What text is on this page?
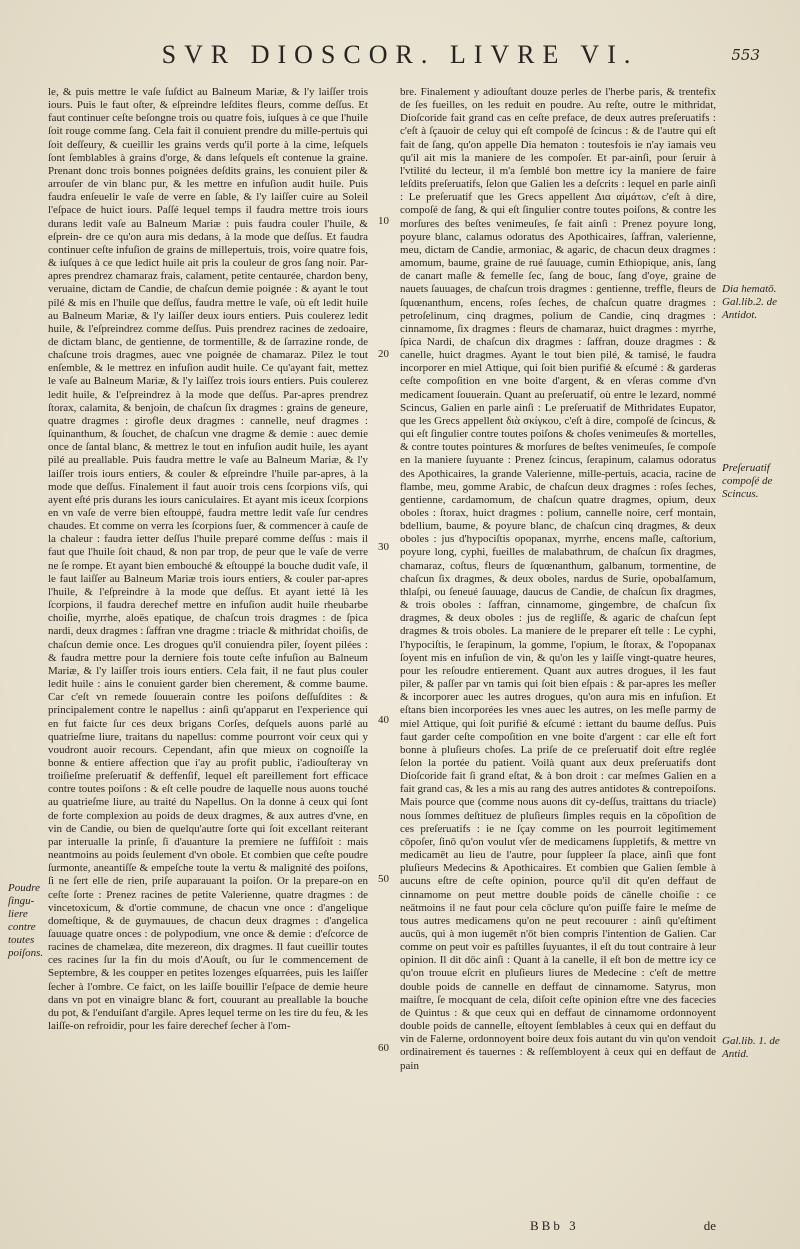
SVR DIOSCOR. LIVRE VI.	553

le, & puis mettre le vaſe ſuſdict au Balneum Mariæ, & l'y laiſſer trois iours. Puis le faut oſter, & eſpreindre leſdites fleurs, comme deſſus. Et faut continuer ceſte beſongne trois ou quatre fois, iuſques à ce que l'huile ſoit rouge comme ſang. Cela fait il conuient prendre du mille-pertuis qui ſoit deſſeury, & cueillir les grains verds qu'il porte à la cime, leſquels ſont ſemblables à grains d'orge, & dans leſquels eſt contenue la graine. Prenant donc trois bonnes poignées deſdits grains, les conuient piler & arrouſer de vin blanc pur, & les mettre en infuſion audit huile. Puis faudra enſeuelir le vaſe de verre en ſable, & l'y laiſſer cuire au Soleil l'eſpace de huict iours. Paſſé lequel temps il faudra mettre trois iours durans ledit vaſe au Balneum Mariæ : puis faudra couler l'huile, & eſprein- dre ce qu'on aura mis dedans, à la mode que deſſus. Et faudra continuer ceſte infuſion de grains de millepertuis, trois, voire quatre fois, & iuſques à ce que ledict huile ait pris la couleur de gros ſang noir. Par-apres prendrez chamaraz frais, calament, petite centaurée, chardon beny, veruaine, dictam de Candie, de chaſcun demie poignée : & ayant le tout pilé & mis en l'huile que deſſus, faudra mettre le vaſe, où eſt ledit huile au Balneum Mariæ, & l'y laiſſer deux iours entiers. Puis coulerez ledit huile, & l'eſpreindrez comme deſſus. Puis prendrez racines de zedoaire, de dictam blanc, de gentienne, de tormentille, & de ſarrazine ronde, de chaſcune trois dragmes, auec vne poignée de chamaraz. Pilez le tout enſemble, & le mettrez en infuſion audit huile. Ce qu'ayant fait, mettez le vaſe au Balneum Mariæ, & l'y laiſſez trois iours entiers. Puis coulerez ledit huile, & l'eſpreindrez à la mode que deſſus. Par-apres prendrez ſtorax, calamita, & benjoin, de chaſcun ſix dragmes : grains de geneure, quatre dragmes : girofle deux dragmes : cannelle, neuf dragmes : ſquinanthum, & ſouchet, de chaſcun vne dragme & demie : auec demie once de ſantal blanc, & mettrez le tout en infuſion audit huile, les ayant pilé au preallable. Puis faudra mettre le vaſe au Balneum Mariæ, & l'y laiſſer trois iours entiers, & couler & eſpreindre l'huile par-apres, à la mode que deſſus. Finalement il faut auoir trois cens ſcorpions viſs, qui ayent eſté pris durans les iours caniculaires. Et ayant mis iceux ſcorpions en vn vaſe de verre bien eſtouppé, faudra mettre ledit vaſe ſur cendres chaudes. Et comme on verra les ſcorpions ſuer, & commencer à cauſe de la chaleur : faudra ietter deſſus l'huile preparé comme deſſus : mais il faut que l'huile ſoit chaud, & non par trop, de peur que le vaſe de verre ne ſe rompe. Et ayant bien embouché & eſtouppé la bouche dudit vaſe, il le faut laiſſer au Balneum Mariæ trois iours entiers, & couler par-apres l'huile, & l'eſpreindre à la mode que deſſus. Et ayant ietté là les ſcorpions, il faudra derechef mettre en infuſion audit huile rheubarbe choiſie, myrrhe, aloës epatique, de chaſcun trois dragmes : de ſpica nardi, deux dragmes : ſaffran vne dragme : triacle & mithridat choiſis, de chaſcun demie once. Les drogues qu'il conuiendra piler, ſoyent pilées : & faudra mettre pour la derniere fois toute ceſte infuſion au Balneum Mariæ, & l'y laiſſer trois iours entiers. Cela fait, il ne faut plus couler ledit huile : ains le conuient garder bien cherement, & comme baume. Car c'eſt vn remede ſouuerain contre les poiſons deſſuſdites : & principalement contre le napellus : ainſi qu'apparut en l'experience qui en fut faicte ſur ces deux brigans Corſes, deſquels auons parlé au quatrieſme liure, traitans du napellus: comme pourront voir ceux qui y voudront auoir recours. Cependant, afin que mieux on cognoiſſe la bonne & entiere affection que i'ay au profit public, i'adiouſteray vn troiſieſme preſeruatif & deffenſif, lequel eſt pareillement fort efficace contre toutes poiſons : & eſt celle poudre de laquelle nous auons touché au quatrieſme liure, au traité du Napellus. On la donne à ceux qui ſont de forte complexion au poids de deux dragmes, & aux autres d'vne, en vin de Candie, ou bien de quelqu'autre ſorte qui ſoit excellant reiterant par interualle la prinſe, ſi d'auanture la premiere ne ſuffiſoit : mais neantmoins au poids ſeulement d'vn obole. Et combien que ceſte poudre ſurmonte, aneantiſſe & empeſche toute la vertu & malignité des poiſons, ſi ne ſert elle de rien, priſe auparauant la poiſon. Or la prepare-on en ceſte ſorte : Prenez racines de petite Valerienne, quatre dragmes : de vincetoxicum, & d'ortie commune, de chacun vne once : d'angelique domeſtique, & de guymauues, de chacun deux dragmes : d'angelica ſauuage quatre onces : de polypodium, vne once & demie : d'eſcorce de racines de chamelæa, dite mezereon, dix dragmes. Il faut cueillir toutes ces racines ſur la fin du mois d'Aouſt, ou ſur le commencement de Septembre, & les coupper en petites lozenges eſquarrées, puis les laiſſer ſecher à l'ombre. Ce faict, on les laiſſe bouillir l'eſpace de demie heure dans vn pot en vinaigre blanc & fort, couurant au preallable la bouche du pot, & l'enduiſant d'argile. Apres lequel terme on les tire du feu, & les laiſſe-on refroidir, pour les faire derechef ſecher à l'om-

bre. Finalement y adiouſtant douze perles de l'herbe paris, & trentefix de ſes fueilles, on les reduit en poudre. Au reſte, outre le mithridat, Dioſcoride fait grand cas en ceſte preface, de deux autres preſeruatifs : c'eſt à ſçauoir de celuy qui eſt compoſé de ſcincus : & de l'autre qui eſt fait de ſang, qu'on appelle Dia hematon : toutesfois ie n'ay iamais veu qu'il ait mis la maniere de les compoſer. Et par-ainſi, pour ſeruir à l'vtilité du lecteur, il m'a ſemblé bon mettre icy la maniere de faire leſdits preſeruatifs, ſelon que Galien les a deſcrits : lequel en parle ainſi : Le preſeruatif que les Grecs appellent Δια αἱμάτων, c'eſt à dire, compoſé de ſang, & qui eſt ſingulier contre toutes poiſons, & contre les morſures des beſtes venimeuſes, ſe fait ainſi : Prenez poyure long, poyure blanc, calamus odoratus des Apothicaires, ſaffran, valerienne, meu, dictam de Candie, armoniac, & agaric, de chacun deux dragmes : amomum, baume, graine de rué ſauuage, cumin Ethiopique, anis, ſang de canart maſle & femelle ſec, ſang de bouc, ſang d'oye, graine de nauets ſauuages, de chaſcun trois dragmes : gentienne, treffle, fleurs de ſquœnanthum, encens, roſes ſeches, de chaſcun quatre dragmes : petroſelinum, cinq dragmes, polium de Candie, cinq dragmes : cinnamome, ſix dragmes : fleurs de chamaraz, huict dragmes : myrrhe, ſpica Nardi, de chaſcun dix dragmes : ſaffran, douze dragmes : & canelle, huict dragmes. Ayant le tout bien pilé, & tamisé, le faudra incorporer en miel Attique, qui ſoit bien purifié & eſcumé : & garderas ceſte compoſition en vne boite d'argent, & en vſeras comme d'vn medicament ſouuerain. Quant au preſeruatif, où entre le lezard, nommé Scincus, Galien en parle ainſi : Le preſeruatif de Mithridates Eupator, que les Grecs appellent διὰ σκίγκου, c'eſt à dire, compoſé de ſcincus, & qui eſt ſingulier contre toutes poiſons & choſes venimeuſes & mortelles, & contre toutes pointures & morſures de beſtes venimeuſes, ſe compoſe en la maniere ſuyuante : Prenez ſcincus, ſerapinum, calamus odoratus des Apothicaires, la grande Valerienne, mille-pertuis, acacia, racine de flambe, meu, gomme Arabic, de chaſcun deux dragmes : roſes ſeches, gentienne, cardamomum, de chaſcun quatre dragmes, opium, deux oboles : ſtorax, huict dragmes : polium, cannelle noire, cerf montain, bdellium, baume, & poyure blanc, de chaſcun cinq dragmes, & deux oboles : jus d'hypociſtis opopanax, myrrhe, encens maſle, caſtorium, poyure long, cyphi, fueilles de malabathrum, de chaſcun ſix dragmes, chamaraz, coſtus, fleurs de ſquœnanthum, galbanum, tormentine, de chaſcun ſix dragmes, & deux oboles, nardus de Surie, opobalſamum, thlaſpi, ou ſeneué ſauuage, daucus de Candie, de chaſcun ſix dragmes, & trois oboles : ſaffran, cinnamome, gingembre, de chaſcun ſix dragmes, & deux oboles : jus de regliſſe, & agaric de chaſcun ſept dragmes & trois oboles. La maniere de le preparer eſt telle : Le cyphi, l'hypociſtis, le ſerapinum, la gomme, l'opium, le ſtorax, & l'opopanax ſoyent mis en infuſion de vin, & qu'on les y laiſſe vingt-quatre heures, pour les reſoudre entierement. Quant aux autres drogues, il les faut piler, & paſſer par vn tamis qui ſoit bien eſpais : & par-apres les meſler & incorporer auec les autres drogues, qu'on aura mis en infuſion. Et eſtans bien incorporées les vnes auec les autres, on les meſle parmy de miel Attique, qui ſoit purifié & eſcumé : iettant du baume deſſus. Puis faut garder ceſte compoſition en vne boite d'argent : car elle eſt fort bonne à pluſieurs choſes. La priſe de ce preſeruatif doit eſtre reglée ſelon la portée du patient. Voilà quant aux deux preſeruatifs dont Dioſcoride fait ſi grand eſtat, & à bon droit : car meſmes Galien en a fait grand cas, & les a mis au rang des autres antidotes & contrepoiſons. Mais pource que (comme nous auons dit cy-deſſus, traittans du triacle) nous ſommes deſtituez de pluſieurs ſimples requis en la cōpoſition de ces preſeruatifs : ie ne ſçay comme on les pourroit legitimement cōpoſer, ſinō qu'on voulut vſer de medicamens ſuppletifs, & mettre vn medicamēt au lieu de l'autre, pour ſuppleer ſa place, ainſi que font pluſieurs Medecins & Apothicaires. Et combien que Galien ſemble à aucuns eſtre de ceſte opinion, pource qu'il dit qu'en deffaut de cinnamome on peut mettre double poids de cānelle choiſie : ce neātmoins il ne faut pour cela cōclure qu'on puiſſe faire le meſme de tous autres medicamens qu'on ne peut recouurer : ainſi qu'eſtiment aucūs, qui à mon iugemēt n'ōt bien compris l'intention de Galien. Car comme on peut voir es paſtilles ſuyuantes, il eſt du tout contraire à leur opinion. Il dit dōc ainſi : Quant à la canelle, il eſt bon de mettre icy ce qu'on trouue eſcrit en pluſieurs liures de Medecine : c'eſt de mettre double poids de cannelle en deffaut de cinnamome. Satyrus, mon maiſtre, ſe mocquant de cela, diſoit ceſte opinion eſtre vne des facecies de Quintus : & que ceux qui en deffaut de cinnamome ordonnoyent double poids de cannelle, eſtoyent ſemblables à ceux qui en deffaut du vin de Falerne, ordonnoyent boire deux fois autant du vin qu'on vendoit ordinairement és tauernes : & reſſembloyent à ceux qui en deffaut de pain

10
20
30
40
50
60
Poudre ſingu-
liere contre
toutes poiſons.
Dia hematō.
Gal.lib.2. de
Antidot.
Preſeruatif
compoſé de
Scincus.
Gal.lib. 1. de
Antid.
BBb 3	de
